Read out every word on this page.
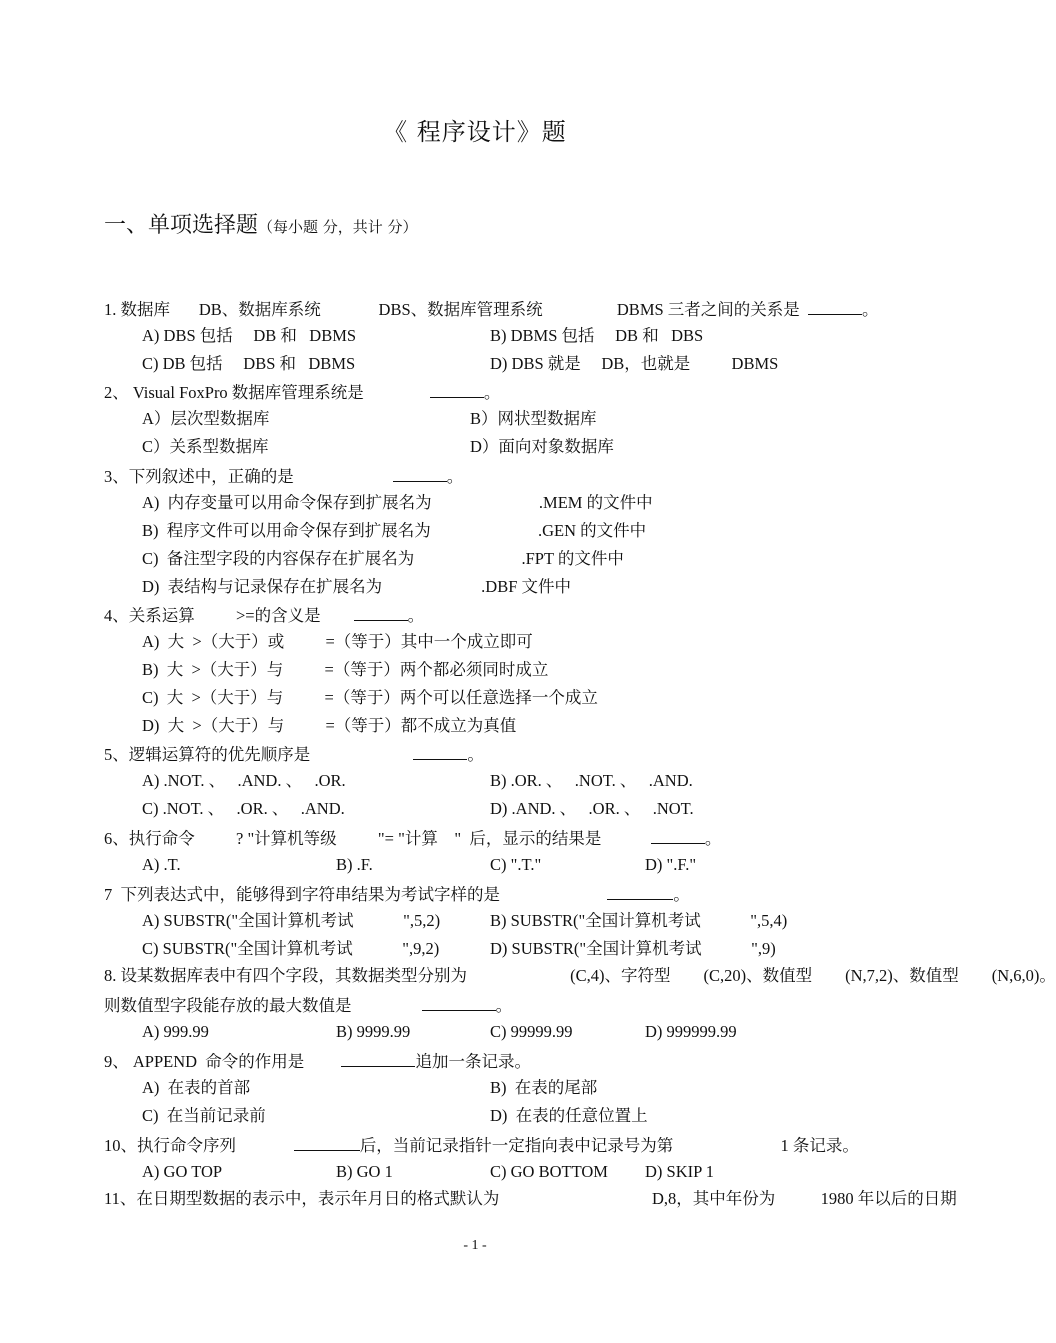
《 程序设计》题
一、单项选择题（每小题 分，共计 分）
1. 数据库       DB、数据库系统              DBS、数据库管理系统                  DBMS 三者之间的关系是	。
A) DBS 包括     DB 和   DBMS	B) DBMS 包括     DB 和   DBS
C) DB 包括     DBS 和   DBMS	D) DBS 就是     DB，也就是          DBMS
2、 Visual FoxPro 数据库管理系统是	。
A）层次型数据库	B）网状型数据库
C）关系型数据库	D）面向对象数据库
3、下列叙述中，正确的是	。
A)  内存变量可以用命令保存到扩展名为                          .MEM 的文件中
B)  程序文件可以用命令保存到扩展名为                          .GEN 的文件中
C)  备注型字段的内容保存在扩展名为                          .FPT 的文件中
D)  表结构与记录保存在扩展名为                        .DBF 文件中
4、关系运算          >=的含义是	。
A)  大  >（大于）或          =（等于）其中一个成立即可
B)  大  >（大于）与          =（等于）两个都必须同时成立
C)  大  >（大于）与          =（等于）两个可以任意选择一个成立
D)  大  >（大于）与          =（等于）都不成立为真值
5、逻辑运算符的优先顺序是	。
A) .NOT. 、   .AND. 、   .OR.	B) .OR. 、   .NOT. 、   .AND.
C) .NOT. 、   .OR. 、   .AND.	D) .AND. 、   .OR. 、   .NOT.
6、执行命令          ? "计算机等级          "= "计算    "  后，显示的结果是	。
A) .T.	B) .F.	C) ".T."	D) ".F."
7  下列表达式中，能够得到字符串结果为考试字样的是	。
A) SUBSTR("全国计算机考试            ",5,2)	B) SUBSTR("全国计算机考试            ",5,4)
C) SUBSTR("全国计算机考试            ",9,2)	D) SUBSTR("全国计算机考试            ",9)
8. 设某数据库表中有四个字段，其数据类型分别为                         (C,4)、字符型        (C,20)、数值型        (N,7,2)、数值型        (N,6,0)。
则数值型字段能存放的最大数值是	。
A) 999.99	B) 9999.99	C) 99999.99	D) 999999.99
9、 APPEND  命令的作用是	追加一条记录。
A)  在表的首部	B)  在表的尾部
C)  在当前记录前	D)  在表的任意位置上
10、执行命令序列	后，当前记录指针一定指向表中记录号为第                          1 条记录。
A) GO TOP	B) GO 1	C) GO BOTTOM D) SKIP 1
11、在日期型数据的表示中，表示年月日的格式默认为                                     D,8，其中年份为           1980 年以后的日期
- 1 -
